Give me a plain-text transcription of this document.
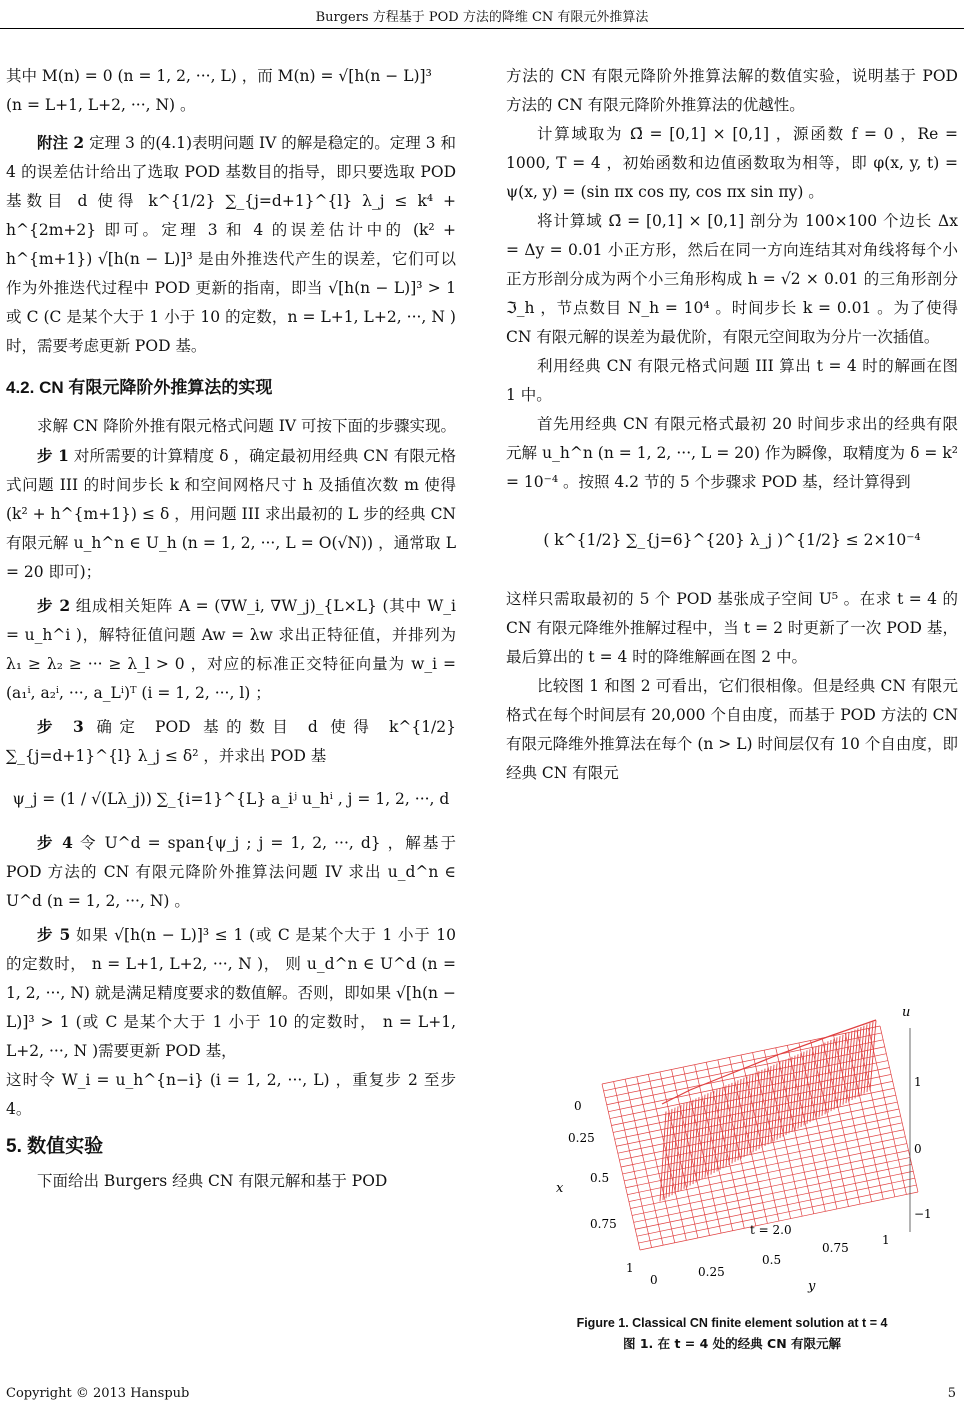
Burgers 方程基于 POD 方法的降维 CN 有限元外推算法

其中 M(n) = 0 (n = 1, 2, ···, L) ，而 M(n) = √[h(n − L)]³

(n = L+1, L+2, ···, N) 。

附注 2 定理 3 的(4.1)表明问题 IV 的解是稳定的。定理 3 和 4 的误差估计给出了选取 POD 基数目的指导，即只要选取 POD 基数目 d 使得 k^{1/2} ∑_{j=d+1}^{l} λ_j ≤ k⁴ + h^{2m+2} 即可。定理 3 和 4 的误差估计中的 (k² + h^{m+1}) √[h(n − L)]³ 是由外推迭代产生的误差，它们可以作为外推迭代过程中 POD 更新的指南，即当 √[h(n − L)]³ > 1 或 C (C 是某个大于 1 小于 10 的定数，n = L+1, L+2, ···, N )时，需要考虑更新 POD 基。

4.2. CN 有限元降阶外推算法的实现

求解 CN 降阶外推有限元格式问题 IV 可按下面的步骤实现。

步 1 对所需要的计算精度 δ ，确定最初用经典 CN 有限元格式问题 III 的时间步长 k 和空间网格尺寸 h 及插值次数 m 使得 (k² + h^{m+1}) ≤ δ ，用问题 III 求出最初的 L 步的经典 CN 有限元解 u_h^n ∈ U_h (n = 1, 2, ···, L = O(√N)) ，通常取 L = 20 即可)；

步 2 组成相关矩阵 A = (∇W_i, ∇W_j)_{L×L} (其中 W_i = u_h^i )，解特征值问题 Aw = λw 求出正特征值，并排列为 λ₁ ≥ λ₂ ≥ ··· ≥ λ_l > 0 ，对应的标准正交特征向量为 w_i = (a₁ⁱ, a₂ⁱ, ···, a_Lⁱ)ᵀ (i = 1, 2, ···, l) ；

步 3 确定 POD 基的数目 d 使得 k^{1/2} ∑_{j=d+1}^{l} λ_j ≤ δ² ，并求出 POD 基

ψ_j = (1 / √(Lλ_j)) ∑_{i=1}^{L} a_iʲ u_hⁱ , j = 1, 2, ···, d

步 4 令 U^d = span{ψ_j ; j = 1, 2, ···, d} ，解基于 POD 方法的 CN 有限元降阶外推算法问题 IV 求出 u_d^n ∈ U^d (n = 1, 2, ···, N) 。

步 5 如果 √[h(n − L)]³ ≤ 1 (或 C 是某个大于 1 小于 10 的定数时， n = L+1, L+2, ···, N )， 则 u_d^n ∈ U^d (n = 1, 2, ···, N) 就是满足精度要求的数值解。否则，即如果 √[h(n − L)]³ > 1 (或 C 是某个大于 1 小于 10 的定数时， n = L+1, L+2, ···, N )需要更新 POD 基，

这时令 W_i = u_h^{n−i} (i = 1, 2, ···, L) ，重复步 2 至步 4。

5. 数值实验

下面给出 Burgers 经典 CN 有限元解和基于 POD

方法的 CN 有限元降阶外推算法解的数值实验，说明基于 POD 方法的 CN 有限元降阶外推算法的优越性。

计算域取为 Ω̄ = [0,1] × [0,1] ，源函数 f = 0 ，Re = 1000, T = 4 ，初始函数和边值函数取为相等，即 φ(x, y, t) = ψ(x, y) = (sin πx cos πy, cos πx sin πy) 。

将计算域 Ω̄ = [0,1] × [0,1] 剖分为 100×100 个边长 Δx = Δy = 0.01 小正方形，然后在同一方向连结其对角线将每个小正方形剖分成为两个小三角形构成 h = √2 × 0.01 的三角形剖分 ℑ_h ，节点数目 N_h = 10⁴ 。时间步长 k = 0.01 。为了使得 CN 有限元解的误差为最优阶，有限元空间取为分片一次插值。

利用经典 CN 有限元格式问题 III 算出 t = 4 时的解画在图 1 中。

首先用经典 CN 有限元格式最初 20 时间步求出的经典有限元解 u_h^n (n = 1, 2, ···, L = 20) 作为瞬像，取精度为 δ = k² = 10⁻⁴ 。按照 4.2 节的 5 个步骤求 POD 基，经计算得到

( k^{1/2} ∑_{j=6}^{20} λ_j )^{1/2} ≤ 2×10⁻⁴

这样只需取最初的 5 个 POD 基张成子空间 U⁵ 。在求 t = 4 的 CN 有限元降维外推解过程中，当 t = 2 时更新了一次 POD 基，最后算出的 t = 4 时的降维解画在图 2 中。

比较图 1 和图 2 可看出，它们很相像。但是经典 CN 有限元格式在每个时间层有 20,000 个自由度，而基于 POD 方法的 CN 有限元降维外推算法在每个 (n > L) 时间层仅有 10 个自由度，即经典 CN 有限元

u
1
0
−1
0
0.25
0.5
0.75
1
x
0
0.25
0.5
0.75
1
y
t = 2.0
Figure 1. Classical CN finite element solution at t = 4
图 1. 在 t = 4 处的经典 CN 有限元解
Copyright © 2013 Hanspub	5
